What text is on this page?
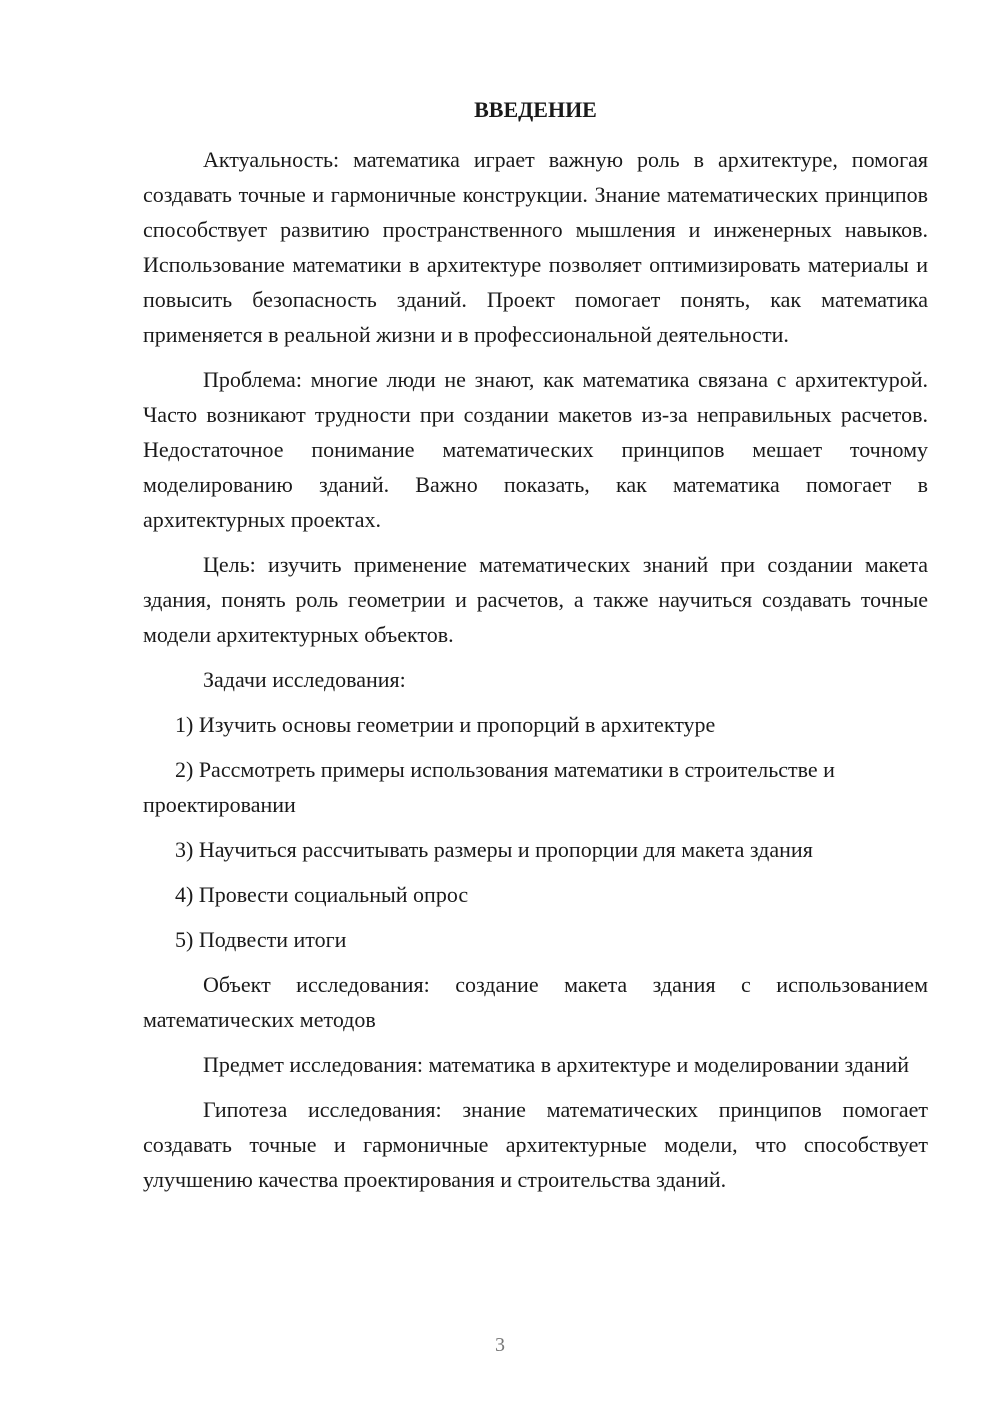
ВВЕДЕНИЕ

Актуальность: математика играет важную роль в архитектуре, помогая создавать точные и гармоничные конструкции. Знание математических принципов способствует развитию пространственного мышления и инженерных навыков. Использование математики в архитектуре позволяет оптимизировать материалы и повысить безопасность зданий. Проект помогает понять, как математика применяется в реальной жизни и в профессиональной деятельности.

Проблема: многие люди не знают, как математика связана с архитектурой. Часто возникают трудности при создании макетов из-за неправильных расчетов. Недостаточное понимание математических принципов мешает точному моделированию зданий. Важно показать, как математика помогает в архитектурных проектах.

Цель: изучить применение математических знаний при создании макета здания, понять роль геометрии и расчетов, а также научиться создавать точные модели архитектурных объектов.

Задачи исследования:

1) Изучить основы геометрии и пропорций в архитектуре

2) Рассмотреть примеры использования математики в строительстве и проектировании

3) Научиться рассчитывать размеры и пропорции для макета здания

4) Провести социальный опрос

5) Подвести итоги

Объект исследования: создание макета здания с использованием математических методов

Предмет исследования: математика в архитектуре и моделировании зданий

Гипотеза исследования: знание математических принципов помогает создавать точные и гармоничные архитектурные модели, что способствует улучшению качества проектирования и строительства зданий.

3
